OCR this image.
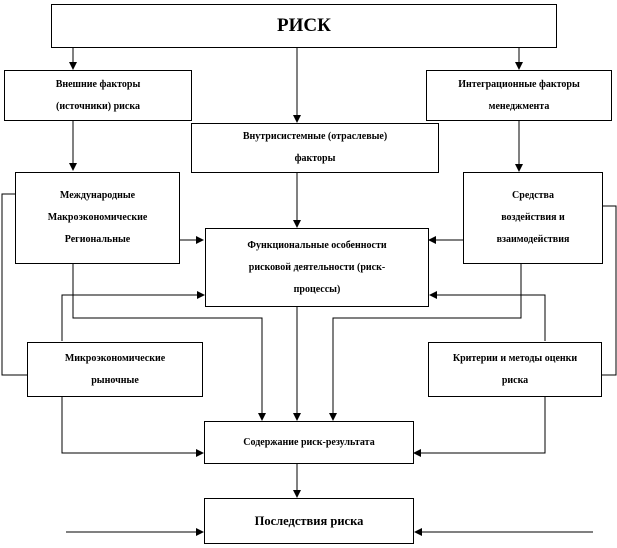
РИСК
Внешние факторы
(источники) риска
Интеграционные факторы
менеджмента
Внутрисистемные (отраслевые)
факторы
Международные
Макроэкономические
Региональные
Средства
воздействия и
взаимодействия
Функциональные особенности
рисковой деятельности (риск-
процессы)
Микроэкономические
рыночные
Критерии и методы оценки
риска
Содержание риск-результата
Последствия риска
